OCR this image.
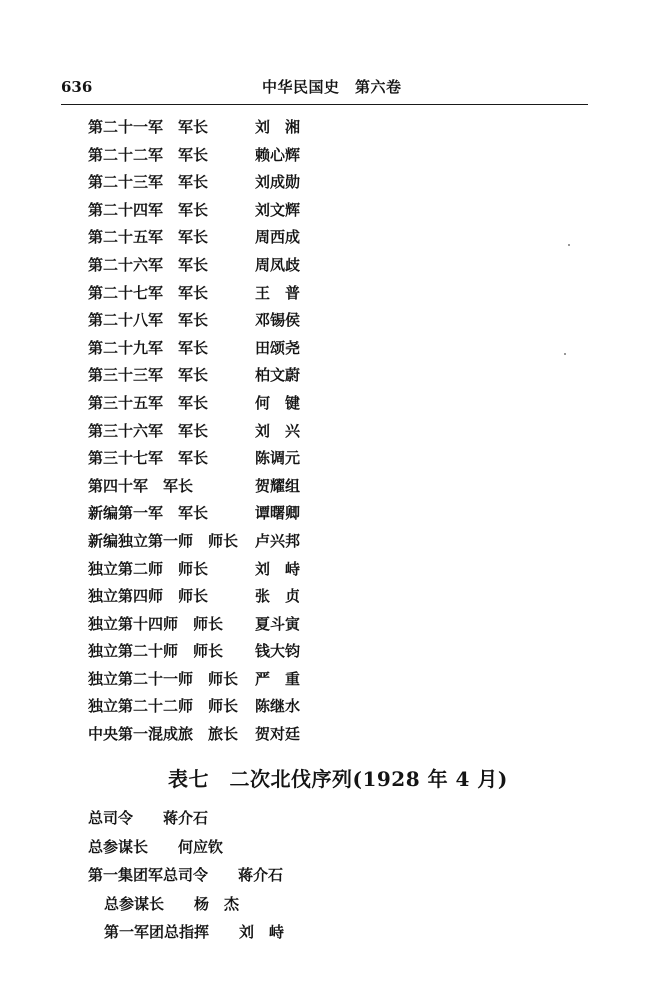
636	中华民国史　第六卷
第二十一军 军长	刘　湘
第二十二军 军长	赖心辉
第二十三军 军长	刘成勋
第二十四军 军长	刘文辉
第二十五军 军长	周西成
第二十六军 军长	周凤歧
第二十七军 军长	王　普
第二十八军 军长	邓锡侯
第二十九军 军长	田颂尧
第三十三军 军长	柏文蔚
第三十五军 军长	何　键
第三十六军 军长	刘　兴
第三十七军 军长	陈调元
第四十军 军长	贺耀组
新编第一军 军长	谭曙卿
新编独立第一师 师长 卢兴邦
独立第二师 师长	刘　峙
独立第四师 师长	张　贞
独立第十四师 师长 夏斗寅
独立第二十师 师长 钱大钧
独立第二十一师 师长 严　重
独立第二十二师 师长 陈继水
中央第一混成旅 旅长 贺对廷
表七　二次北伐序列(1928 年 4 月)
总司令　　蒋介石
总参谋长　　何应钦
第一集团军总司令　　蒋介石
总参谋长　　杨　杰
第一军团总指挥　　刘　峙
